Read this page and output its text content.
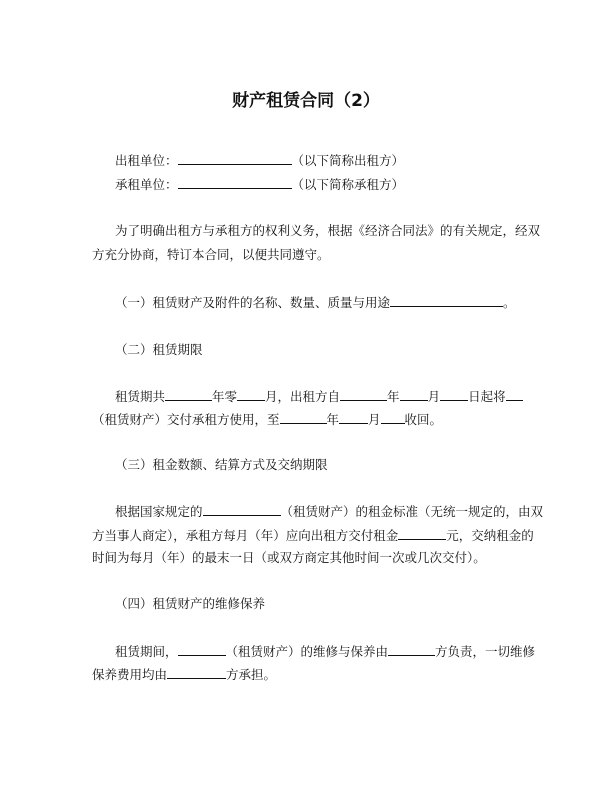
财产租赁合同（2）
出租单位：	（以下简称出租方）
承租单位：	（以下简称承租方）
为了明确出租方与承租方的权利义务，根据《经济合同法》的有关规定，经双
方充分协商，特订本合同，以便共同遵守。
（一）租赁财产及附件的名称、数量、质量与用途	。
（二）租赁期限
租赁期共	年零 月，出租方自	年 月 日起将
（租赁财产）交付承租方使用，至	年 月 收回。
（三）租金数额、结算方式及交纳期限
根据国家规定的	（租赁财产）的租金标准（无统一规定的，由双
方当事人商定），承租方每月（年）应向出租方交付租金	元，交纳租金的
时间为每月（年）的最末一日（或双方商定其他时间一次或几次交付）。
（四）租赁财产的维修保养
租赁期间，	（租赁财产）的维修与保养由	方负责，一切维修
保养费用均由	方承担。
